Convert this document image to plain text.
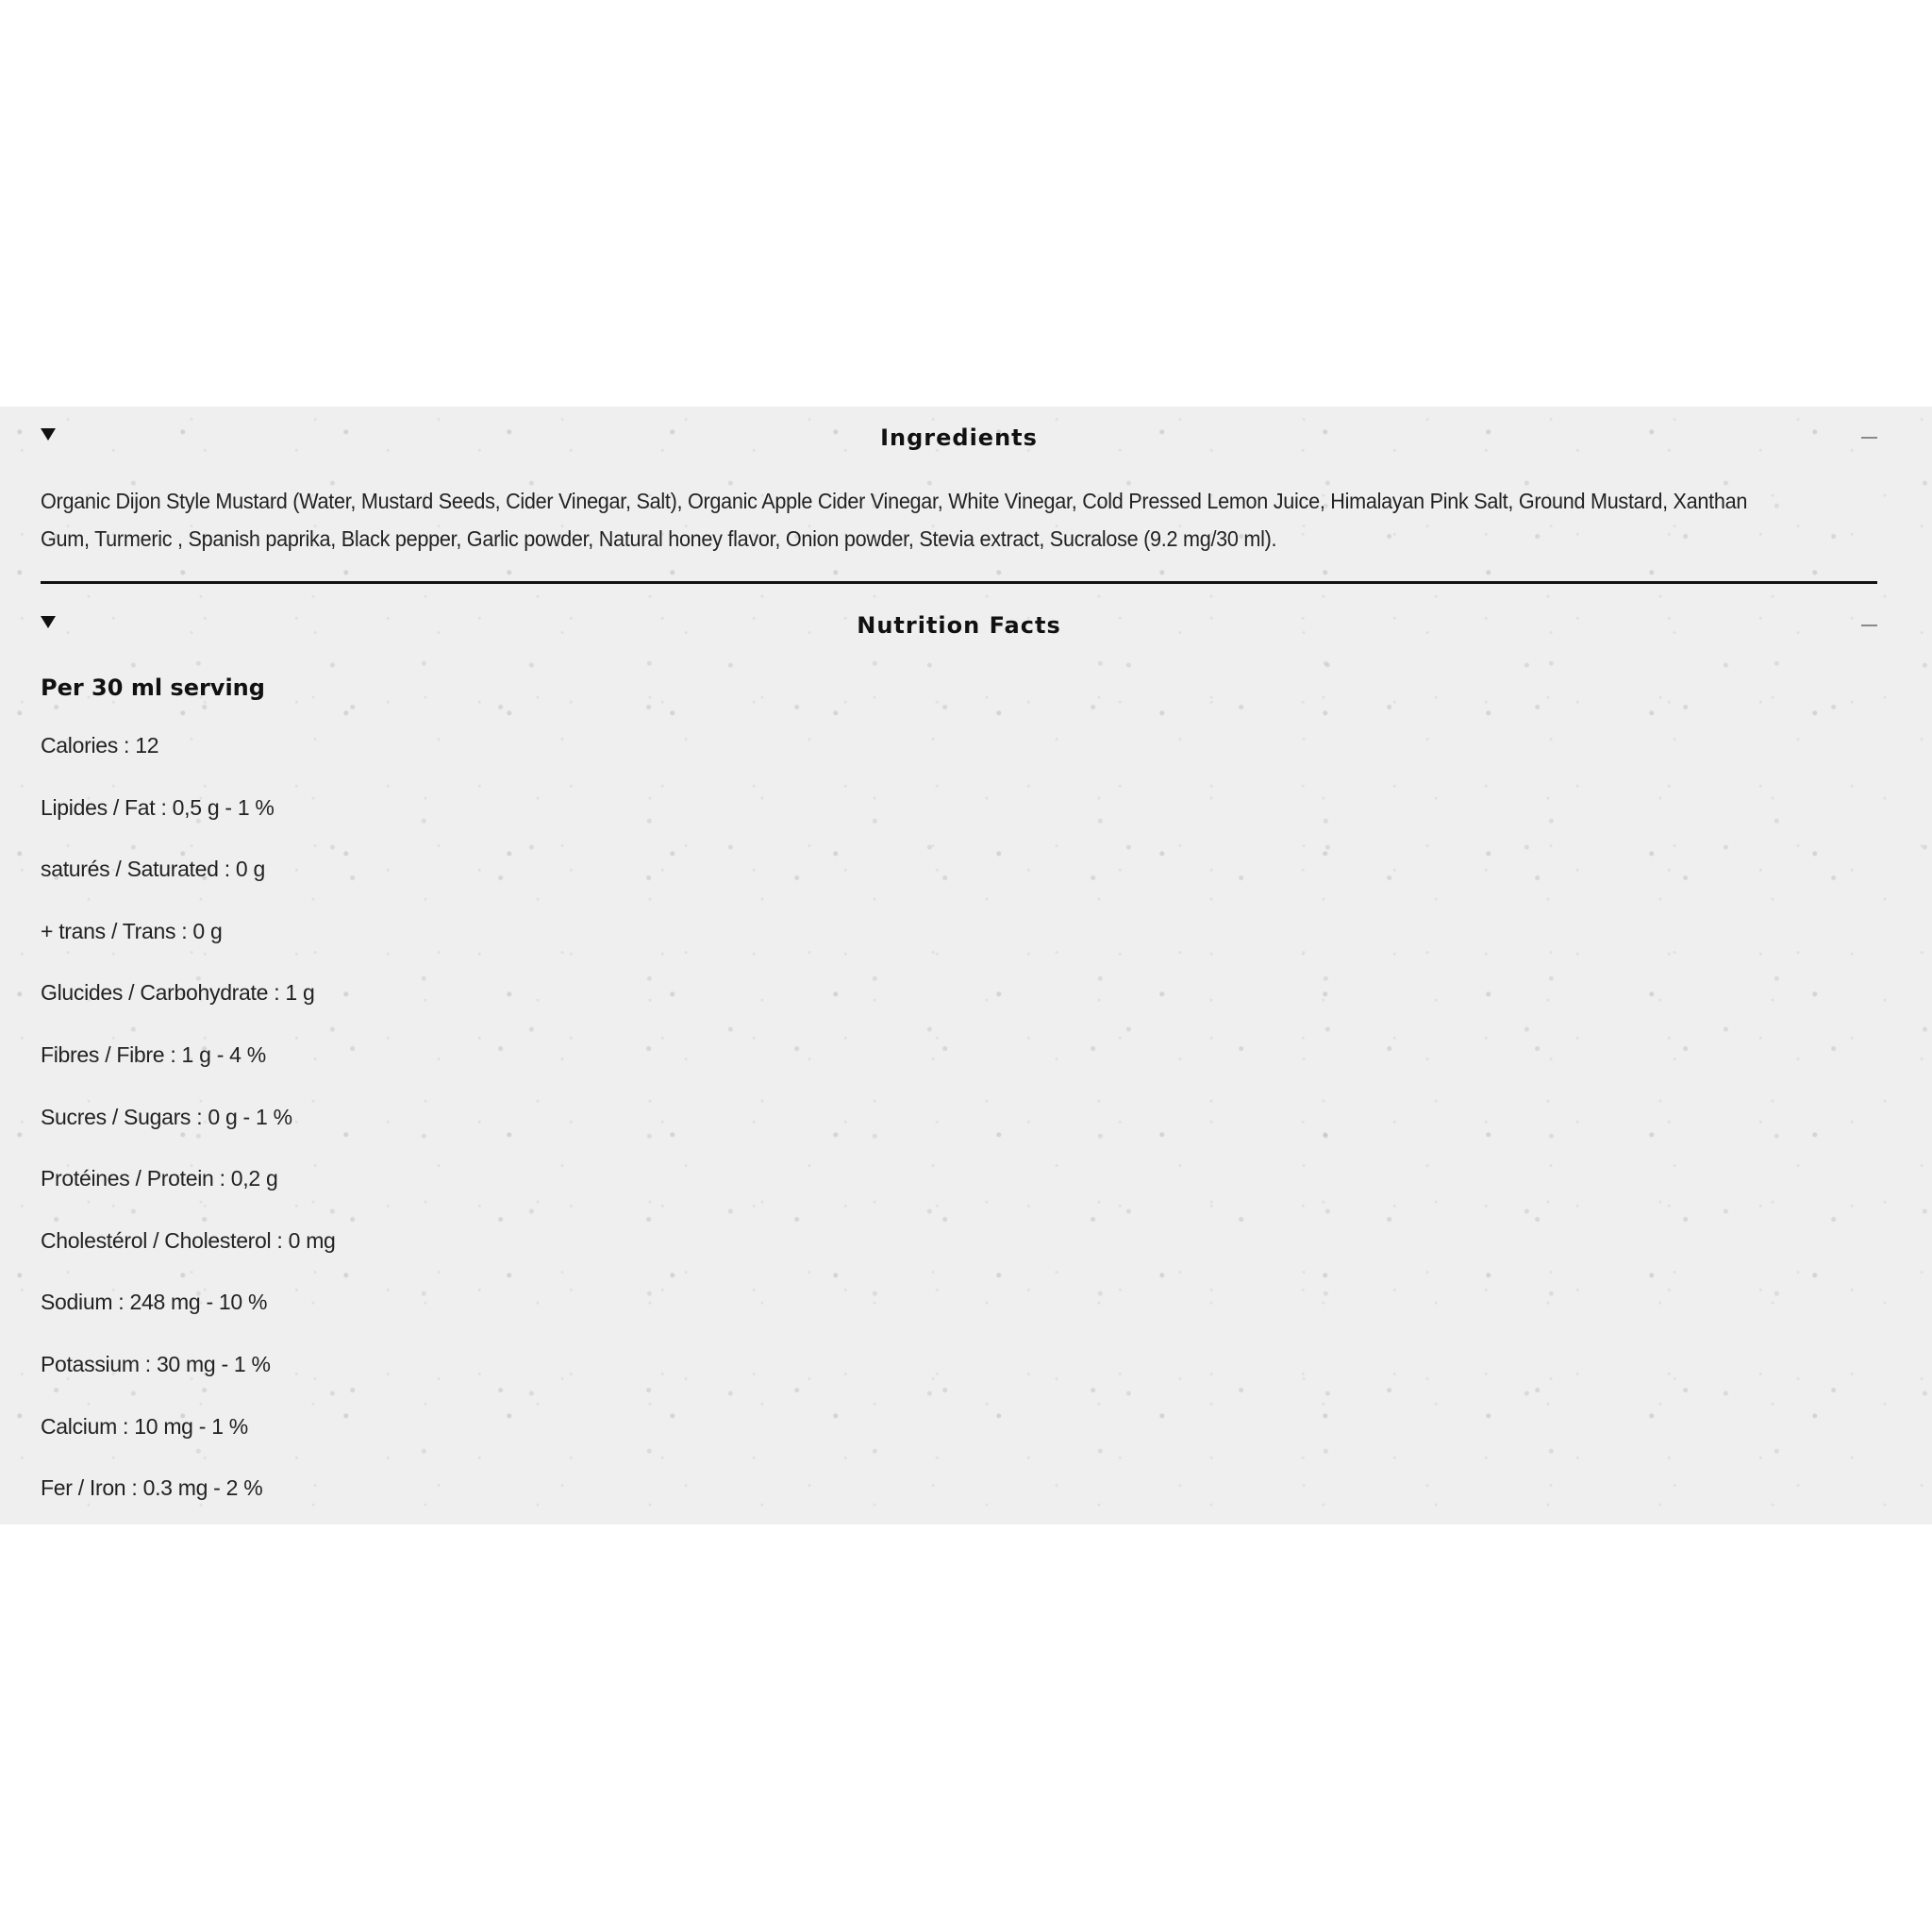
Ingredients
Organic Dijon Style Mustard (Water, Mustard Seeds, Cider Vinegar, Salt), Organic Apple Cider Vinegar, White Vinegar, Cold Pressed Lemon Juice, Himalayan Pink Salt, Ground Mustard, Xanthan Gum, Turmeric , Spanish paprika, Black pepper, Garlic powder, Natural honey flavor, Onion powder, Stevia extract, Sucralose (9.2 mg/30 ml).
Nutrition Facts
Per 30 ml serving
Calories : 12
Lipides / Fat : 0,5 g - 1 %
saturés / Saturated : 0 g
+ trans / Trans : 0 g
Glucides / Carbohydrate : 1 g
Fibres / Fibre : 1 g - 4 %
Sucres / Sugars : 0 g - 1 %
Protéines / Protein : 0,2 g
Cholestérol / Cholesterol : 0 mg
Sodium : 248 mg - 10 %
Potassium : 30 mg - 1 %
Calcium : 10 mg - 1 %
Fer / Iron : 0.3 mg - 2 %
